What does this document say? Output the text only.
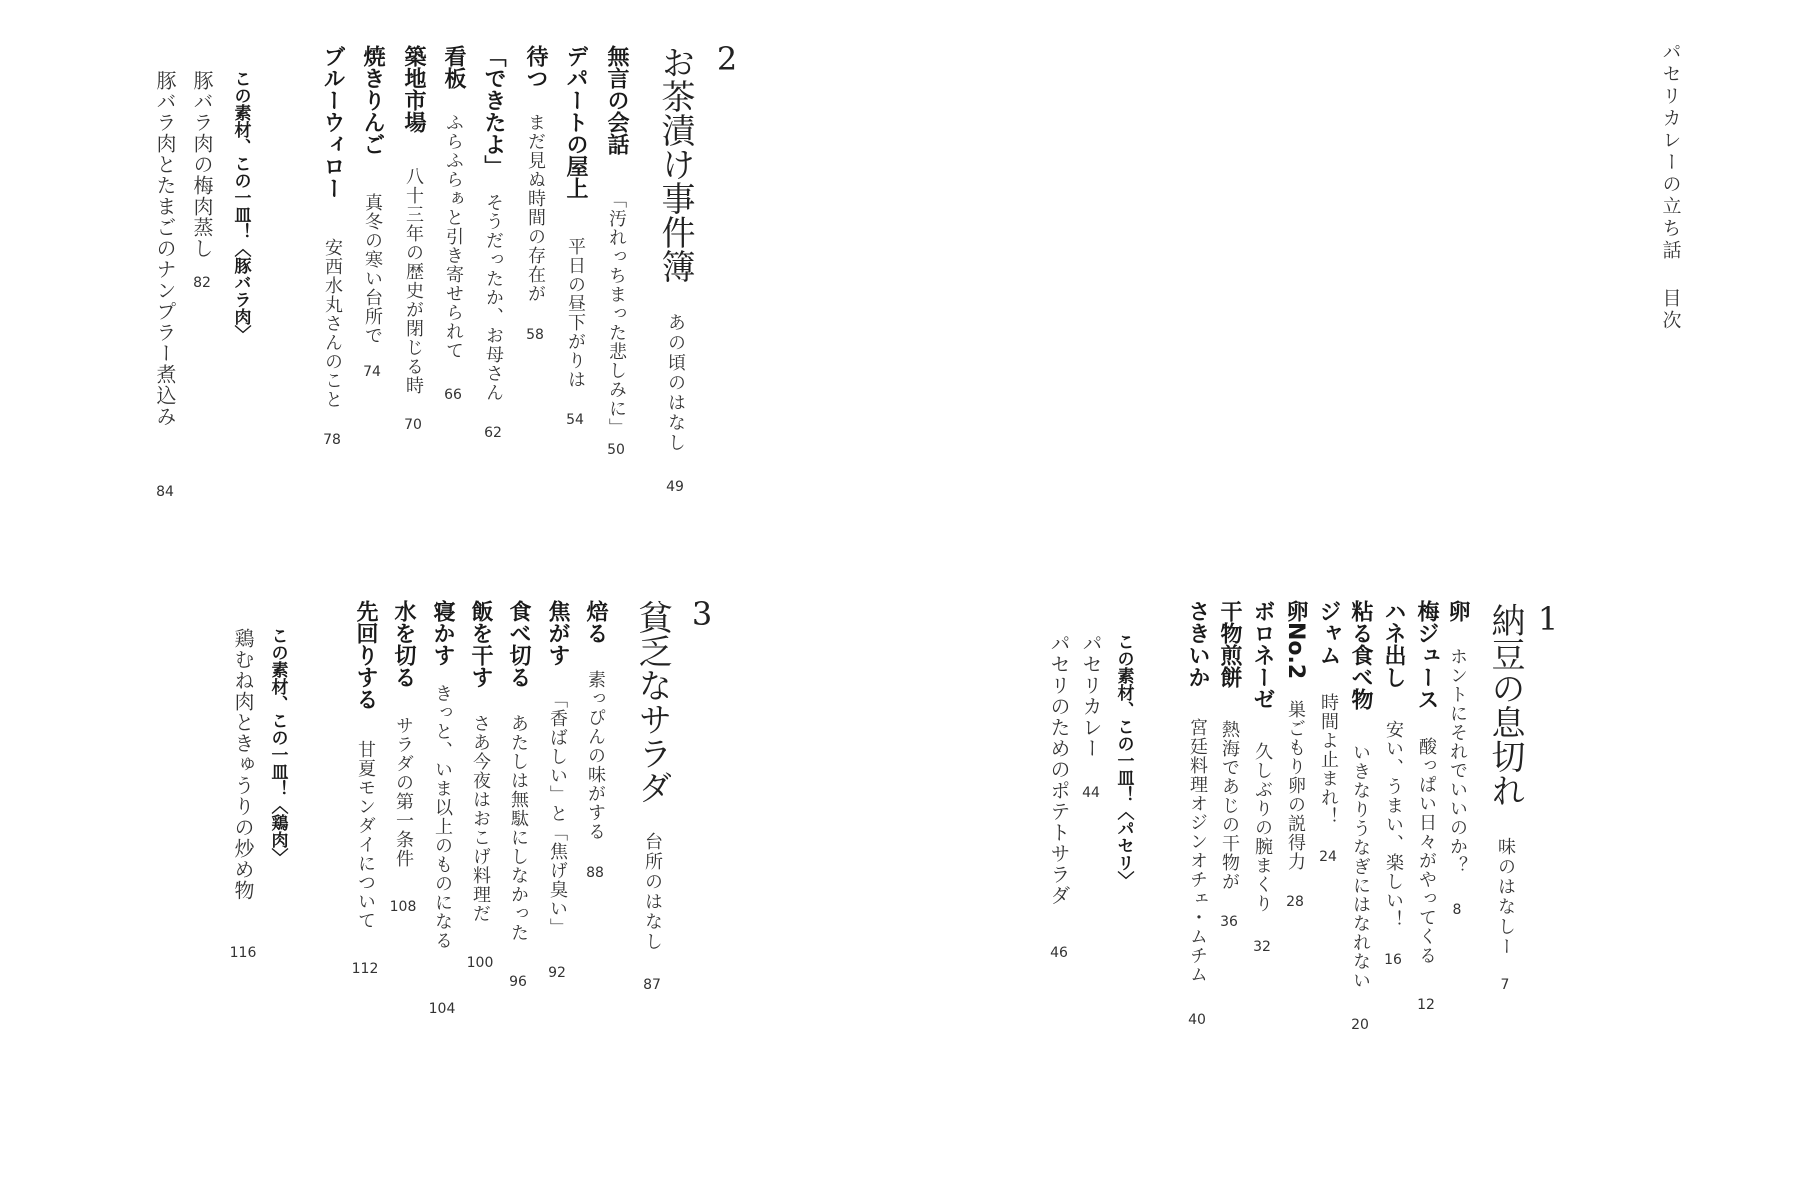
パセリカレーの立ち話目次
1
納豆の息切れ
味のはなしー
7
卵
ホントにそれでいいのか？
8
梅ジュース
酸っぱい日々がやってくる
12
ハネ出し
安い、うまい、楽しい！
16
粘る食べ物
いきなりうなぎにはなれない
20
ジャム
時間よ止まれ！
24
卵No.2
巣ごもり卵の説得力
28
ボロネーゼ
久しぶりの腕まくり
32
干物煎餅
熱海であじの干物が
36
さきいか
宮廷料理オジンオチェ・ムチム
40
この素材、この一皿！〈パセリ〉
パセリカレー
44
パセリのためのポテトサラダ
46
2
お茶漬け事件簿
あの頃のはなし
49
無言の会話
「汚れっちまった悲しみに」
50
デパートの屋上
平日の昼下がりは
54
待つ
まだ見ぬ時間の存在が
58
「できたよ」
そうだったか、お母さん
62
看板
ふらふらぁと引き寄せられて
66
築地市場
八十三年の歴史が閉じる時
70
焼きりんご
真冬の寒い台所で
74
ブルーウィロー
安西水丸さんのこと
78
この素材、この一皿！〈豚バラ肉〉
豚バラ肉の梅肉蒸し
82
豚バラ肉とたまごのナンプラー煮込み
84
3
貧乏なサラダ
台所のはなし
87
焙る
素っぴんの味がする
88
焦がす
「香ばしい」と「焦げ臭い」
92
食べ切る
あたしは無駄にしなかった
96
飯を干す
さあ今夜はおこげ料理だ
100
寝かす
きっと、いま以上のものになる
104
水を切る
サラダの第一条件
108
先回りする
甘夏モンダイについて
112
この素材、この一皿！〈鶏肉〉
鶏むね肉ときゅうりの炒め物
116
